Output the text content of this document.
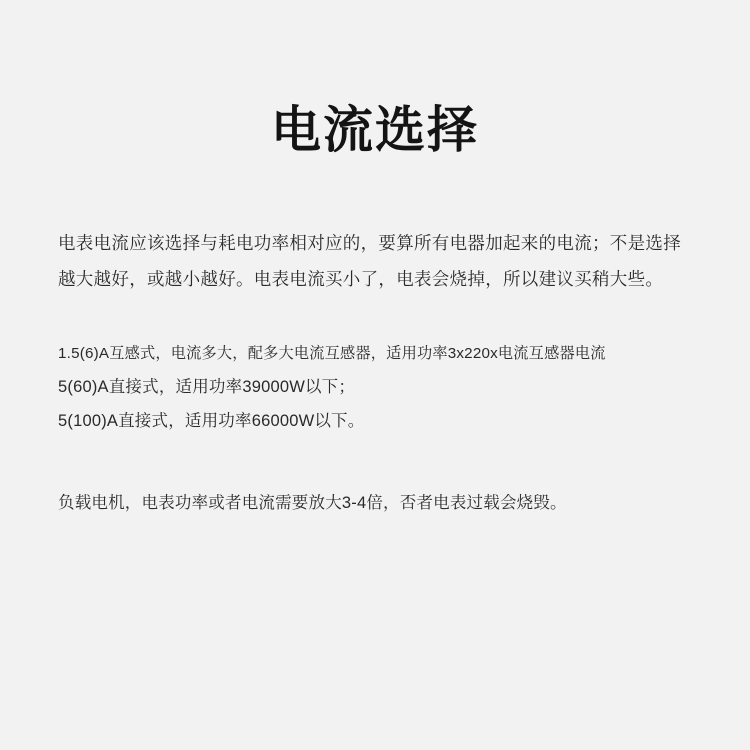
电流选择

电表电流应该选择与耗电功率相对应的，要算所有电器加起来的电流；不是选择越大越好，或越小越好。电表电流买小了，电表会烧掉，所以建议买稍大些。

1.5(6)A互感式，电流多大，配多大电流互感器，适用功率3x220x电流互感器电流

5(60)A直接式，适用功率39000W以下；

5(100)A直接式，适用功率66000W以下。

负载电机，电表功率或者电流需要放大3-4倍，否者电表过载会烧毁。
